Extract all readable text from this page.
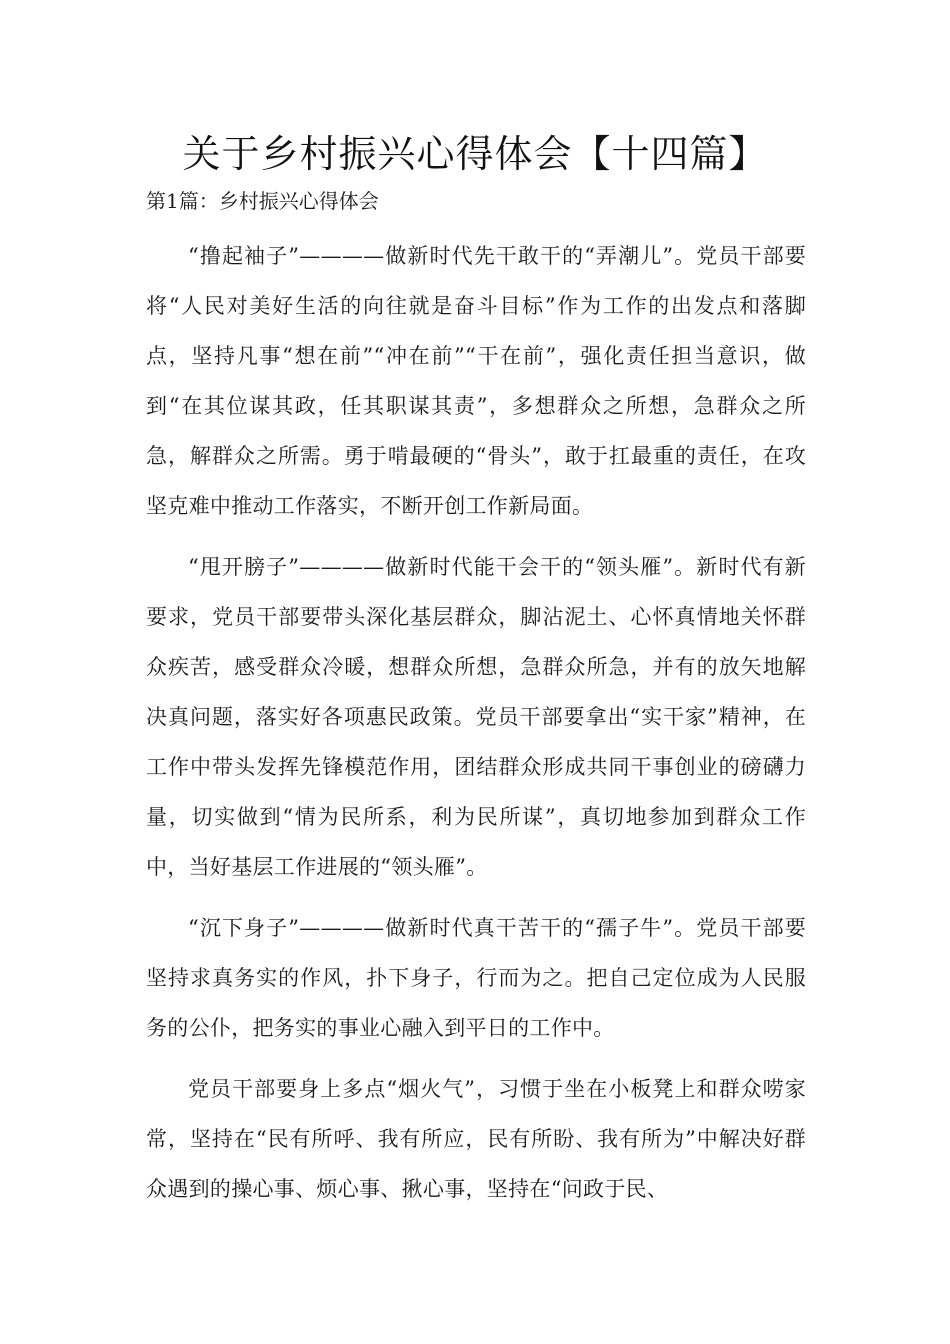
关于乡村振兴心得体会【十四篇】
第1篇：乡村振兴心得体会

“撸起袖子”————做新时代先干敢干的“弄潮儿”。党员干部要将“人民对美好生活的向往就是奋斗目标”作为工作的出发点和落脚点，坚持凡事“想在前”“冲在前”“干在前”，强化责任担当意识，做到“在其位谋其政，任其职谋其责”，多想群众之所想，急群众之所急，解群众之所需。勇于啃最硬的“骨头”，敢于扛最重的责任，在攻坚克难中推动工作落实，不断开创工作新局面。

“甩开膀子”————做新时代能干会干的“领头雁”。新时代有新要求，党员干部要带头深化基层群众，脚沾泥土、心怀真情地关怀群众疾苦，感受群众冷暖，想群众所想，急群众所急，并有的放矢地解决真问题，落实好各项惠民政策。党员干部要拿出“实干家”精神，在工作中带头发挥先锋模范作用，团结群众形成共同干事创业的磅礴力量，切实做到“情为民所系，利为民所谋”，真切地参加到群众工作中，当好基层工作进展的“领头雁”。

“沉下身子”————做新时代真干苦干的“孺子牛”。党员干部要坚持求真务实的作风，扑下身子，行而为之。把自己定位成为人民服务的公仆，把务实的事业心融入到平日的工作中。

党员干部要身上多点“烟火气”，习惯于坐在小板凳上和群众唠家常，坚持在“民有所呼、我有所应，民有所盼、我有所为”中解决好群众遇到的操心事、烦心事、揪心事，坚持在“问政于民、
